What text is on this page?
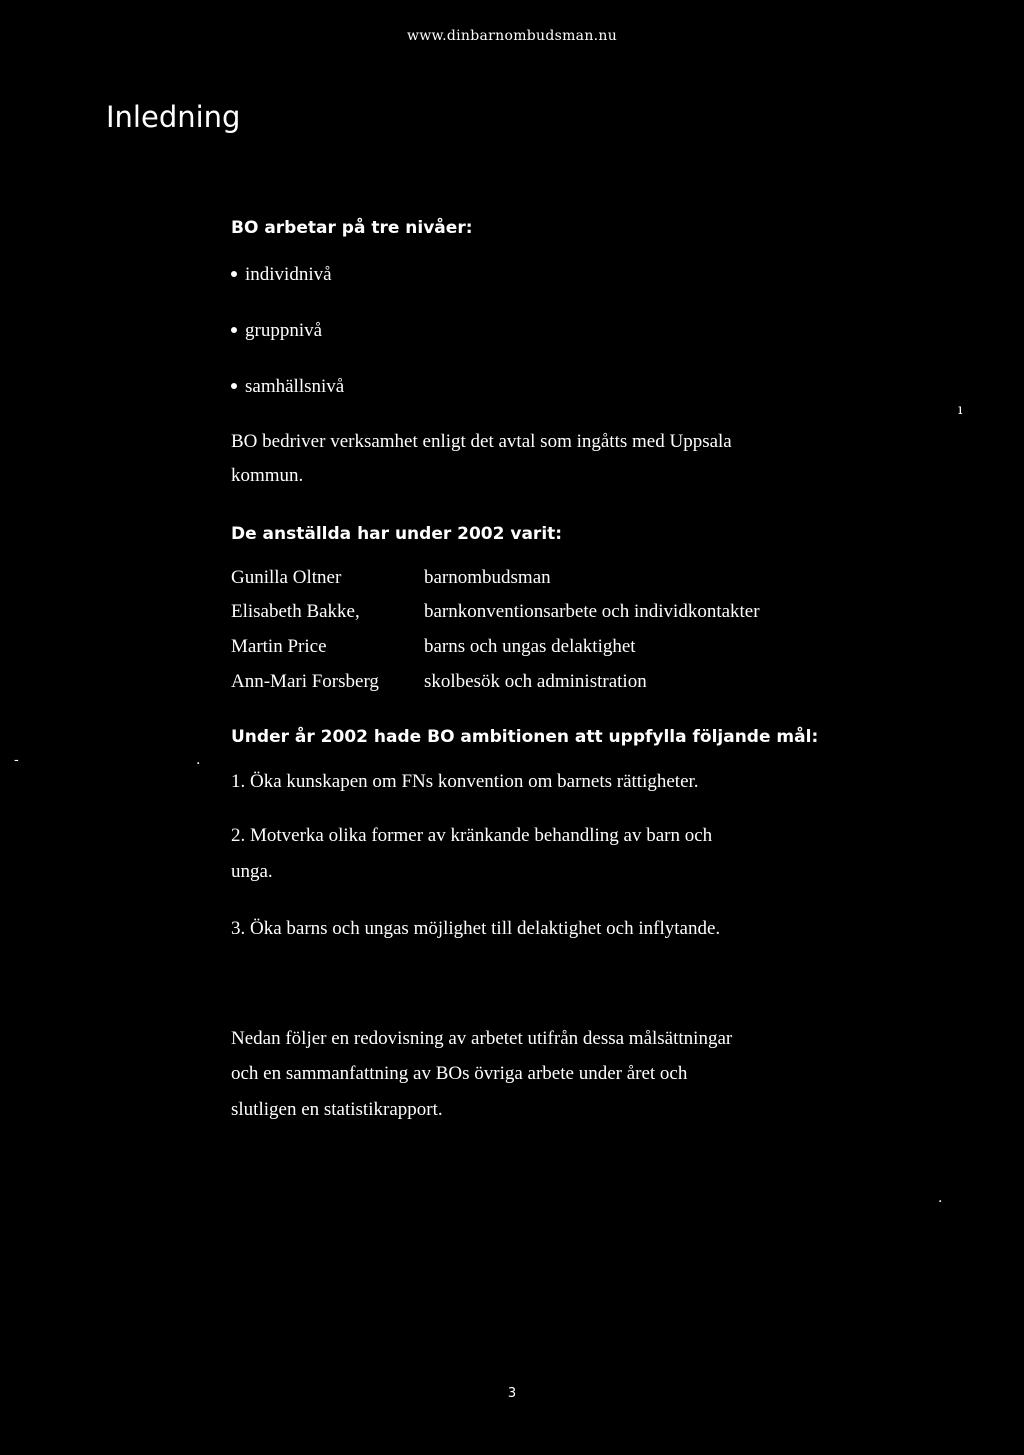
www.dinbarnombudsman.nu
Inledning
BO arbetar på tre nivåer:
individnivå
gruppnivå
samhällsnivå
ı
BO bedriver verksamhet enligt det avtal som ingåtts med Uppsala
kommun.
De anställda har under 2002 varit:
Gunilla Oltner	barnombudsman
Elisabeth Bakke,	barnkonventionsarbete och individkontakter
Martin Price	barns och ungas delaktighet
Ann-Mari Forsberg skolbesök och administration
Under år 2002 hade BO ambitionen att uppfylla följande mål:
-	.
1. Öka kunskapen om FNs konvention om barnets rättigheter.
2. Motverka olika former av kränkande behandling av barn och
unga.
3. Öka barns och ungas möjlighet till delaktighet och inflytande.
Nedan följer en redovisning av arbetet utifrån dessa målsättningar
och en sammanfattning av BOs övriga arbete under året och
slutligen en statistikrapport.
.
3
